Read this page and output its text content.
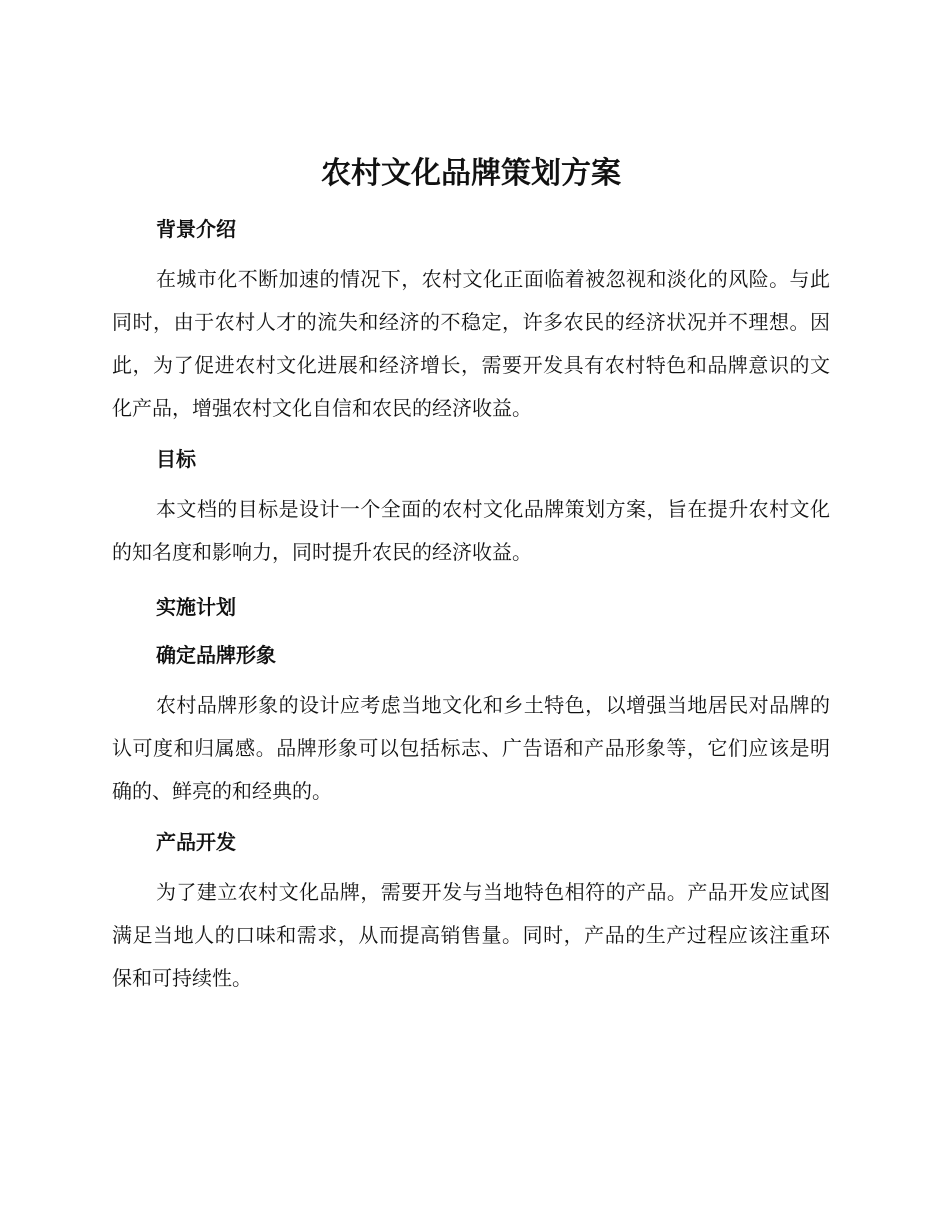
农村文化品牌策划方案
背景介绍

在城市化不断加速的情况下，农村文化正面临着被忽视和淡化的风险。与此同时，由于农村人才的流失和经济的不稳定，许多农民的经济状况并不理想。因此，为了促进农村文化进展和经济增长，需要开发具有农村特色和品牌意识的文化产品，增强农村文化自信和农民的经济收益。

目标

本文档的目标是设计一个全面的农村文化品牌策划方案，旨在提升农村文化的知名度和影响力，同时提升农民的经济收益。

实施计划
确定品牌形象

农村品牌形象的设计应考虑当地文化和乡土特色，以增强当地居民对品牌的认可度和归属感。品牌形象可以包括标志、广告语和产品形象等，它们应该是明确的、鲜亮的和经典的。

产品开发

为了建立农村文化品牌，需要开发与当地特色相符的产品。产品开发应试图满足当地人的口味和需求，从而提高销售量。同时，产品的生产过程应该注重环保和可持续性。
